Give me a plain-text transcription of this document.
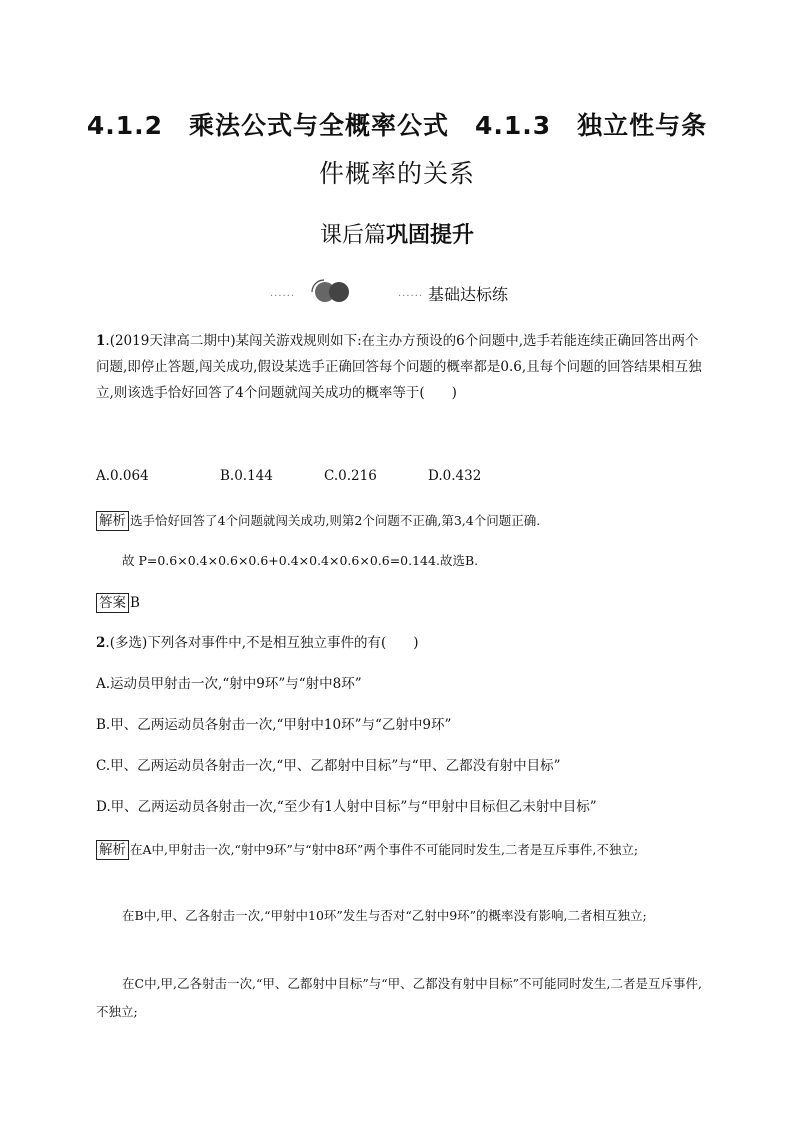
4.1.2　乘法公式与全概率公式　4.1.3　独立性与条
件概率的关系
课后篇巩固提升
······	······ 基础达标练
1.(2019天津高二期中)某闯关游戏规则如下:在主办方预设的6个问题中,选手若能连续正确回答出两个问题,即停止答题,闯关成功,假设某选手正确回答每个问题的概率都是0.6,且每个问题的回答结果相互独立,则该选手恰好回答了4个问题就闯关成功的概率等于(　　)
A.0.064	B.0.144	C.0.216	D.0.432
解析 选手恰好回答了4个问题就闯关成功,则第2个问题不正确,第3,4个问题正确.
故 P=0.6×0.4×0.6×0.6+0.4×0.4×0.6×0.6=0.144.故选B.
答案 B
2.(多选)下列各对事件中,不是相互独立事件的有(　　)
A.运动员甲射击一次,“射中9环”与“射中8环”
B.甲、乙两运动员各射击一次,“甲射中10环”与“乙射中9环”
C.甲、乙两运动员各射击一次,“甲、乙都射中目标”与“甲、乙都没有射中目标”
D.甲、乙两运动员各射击一次,“至少有1人射中目标”与“甲射中目标但乙未射中目标”
解析 在A中,甲射击一次,“射中9环”与“射中8环”两个事件不可能同时发生,二者是互斥事件,不独立;
在B中,甲、乙各射击一次,“甲射中10环”发生与否对“乙射中9环”的概率没有影响,二者相互独立;
在C中,甲,乙各射击一次,“甲、乙都射中目标”与“甲、乙都没有射中目标”不可能同时发生,二者是互斥事件,不独立;
